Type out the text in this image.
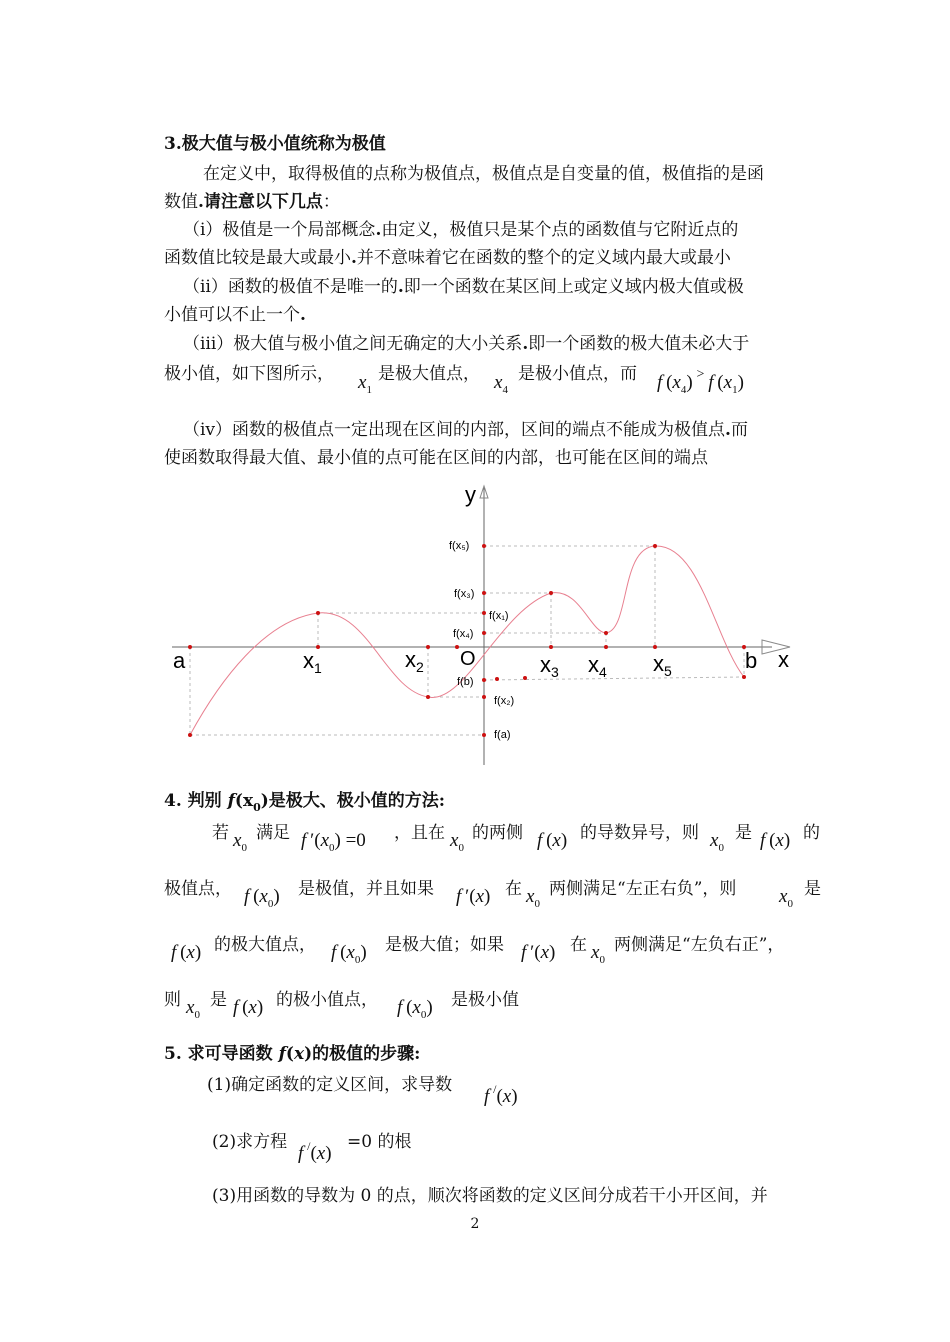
3.极大值与极小值统称为极值
在定义中，取得极值的点称为极值点，极值点是自变量的值，极值指的是函
数值.请注意以下几点：
（ⅰ）极值是一个局部概念.由定义，极值只是某个点的函数值与它附近点的
函数值比较是最大或最小.并不意味着它在函数的整个的定义域内最大或最小
（ⅱ）函数的极值不是唯一的.即一个函数在某区间上或定义域内极大值或极
小值可以不止一个.
（ⅲ）极大值与极小值之间无确定的大小关系.即一个函数的极大值未必大于
极小值，如下图所示， $x_1$
是极大值点， $x_4$
是极小值点，而 f $(x_4)$ >  f $(x_1)$
（ⅳ）函数的极值点一定出现在区间的内部，区间的端点不能成为极值点.而
使函数取得最大值、最小值的点可能在区间的内部，也可能在区间的端点
y
x
O
a	b
$x_1$	$x_2$	$x_3$ $x_4$ $x_5$
f(x₅)
f(x₃)
f(x₁)
f(x₄)
f(b)
f(x₂)
f(a)
4. 判别 $f(x_0)$是极大、极小值的方法:
若 $x_0$
满足 f $'(x_0) =0$ ，且在 $x_0$
的两侧 f (x) 的导数异号，则 $x_0$
是 f (x) 的
极值点， f $(x_0)$ 是极值，并且如果 f ′(x) 在 $x_0$
两侧满足“左正右负”，则 $x_0$
是
f (x) 的极大值点， f $(x_0)$ 是极大值；如果 f ′(x) 在 $x_0$
两侧满足“左负右正”，
则 $x_0$
是 f (x) 的极小值点， f $(x_0)$ 是极小值
5. 求可导函数 f(x)的极值的步骤:
(1)确定函数的定义区间，求导数
f  /(x)
(2)求方程
f  /(x)
=0 的根
(3)用函数的导数为 0 的点，顺次将函数的定义区间分成若干小开区间，并
2
